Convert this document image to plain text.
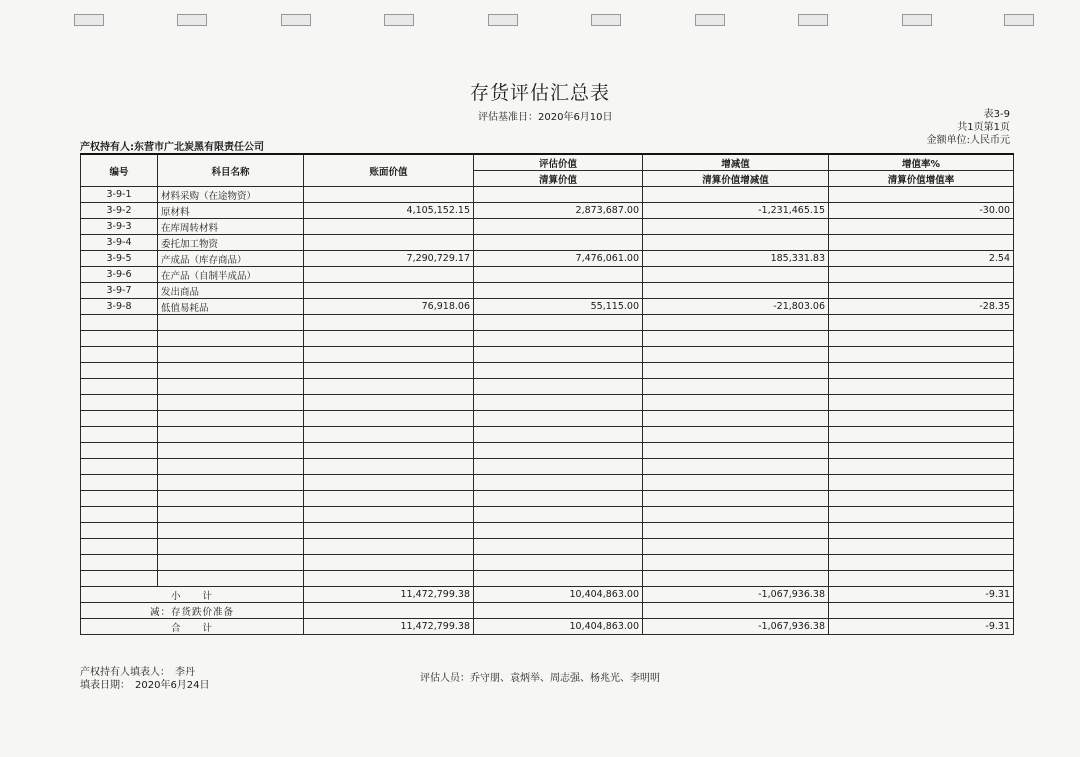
存货评估汇总表
评估基准日：2020年6月10日	表3-9
共1页第1页
金额单位:人民币元
产权持有人:东营市广北炭黑有限责任公司
编号	科目名称	账面价值	评估价值	增减值	增值率%
			清算价值	清算价值增减值	清算价值增值率
3-9-1	材料采购（在途物资）				
3-9-2	原材料	4,105,152.15	2,873,687.00	-1,231,465.15	-30.00
3-9-3	在库周转材料				
3-9-4	委托加工物资				
3-9-5	产成品（库存商品）	7,290,729.17	7,476,061.00	185,331.83	2.54
3-9-6	在产品（自制半成品）				
3-9-7	发出商品				
3-9-8	低值易耗品	76,918.06	55,115.00	-21,803.06	-28.35

小　　计		11,472,799.38	10,404,863.00	-1,067,936.38	-9.31
减：存货跌价准备					
合　　计		11,472,799.38	10,404,863.00	-1,067,936.38	-9.31
产权持有人填表人：　李丹
填表日期：　2020年6月24日
评估人员：乔守朋、袁炳举、周志强、杨兆光、李明明
